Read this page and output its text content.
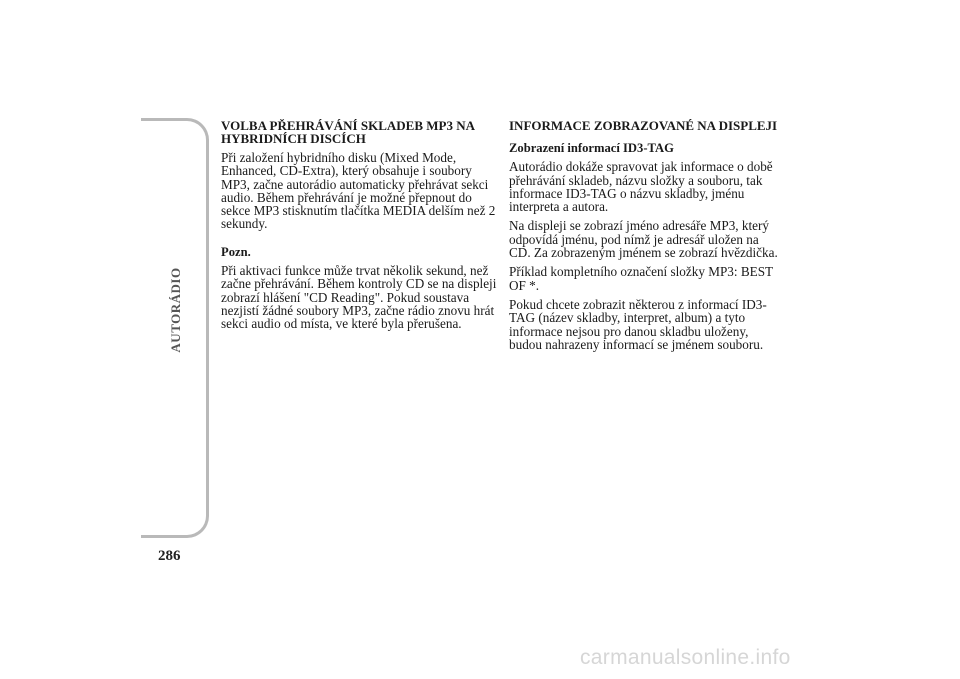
AUTORÁDIO
286
VOLBA PŘEHRÁVÁNÍ SKLADEB MP3 NA HYBRIDNÍCH DISCÍCH

Při založení hybridního disku (Mixed Mode, Enhanced, CD-Extra), který obsahuje i soubory MP3, začne autorádio automaticky přehrávat sekci audio. Během přehrávání je možné přepnout do sekce MP3 stisknutím tlačítka MEDIA delším než 2 sekundy.

Pozn.

Při aktivaci funkce může trvat několik sekund, než začne přehrávání. Během kontroly CD se na displeji zobrazí hlášení "CD Reading". Pokud soustava nezjistí žádné soubory MP3, začne rádio znovu hrát sekci audio od místa, ve které byla přerušena.

INFORMACE ZOBRAZOVANÉ NA DISPLEJI
Zobrazení informací ID3-TAG

Autorádio dokáže spravovat jak informace o době přehrávání skladeb, názvu složky a souboru, tak informace ID3-TAG o názvu skladby, jménu interpreta a autora.

Na displeji se zobrazí jméno adresáře MP3, který odpovídá jménu, pod nímž je adresář uložen na CD. Za zobrazeným jménem se zobrazí hvězdička.

Příklad kompletního označení složky MP3: BEST OF *.

Pokud chcete zobrazit některou z informací ID3-TAG (název skladby, interpret, album) a tyto informace nejsou pro danou skladbu uloženy, budou nahrazeny informací se jménem souboru.

carmanualsonline.info
